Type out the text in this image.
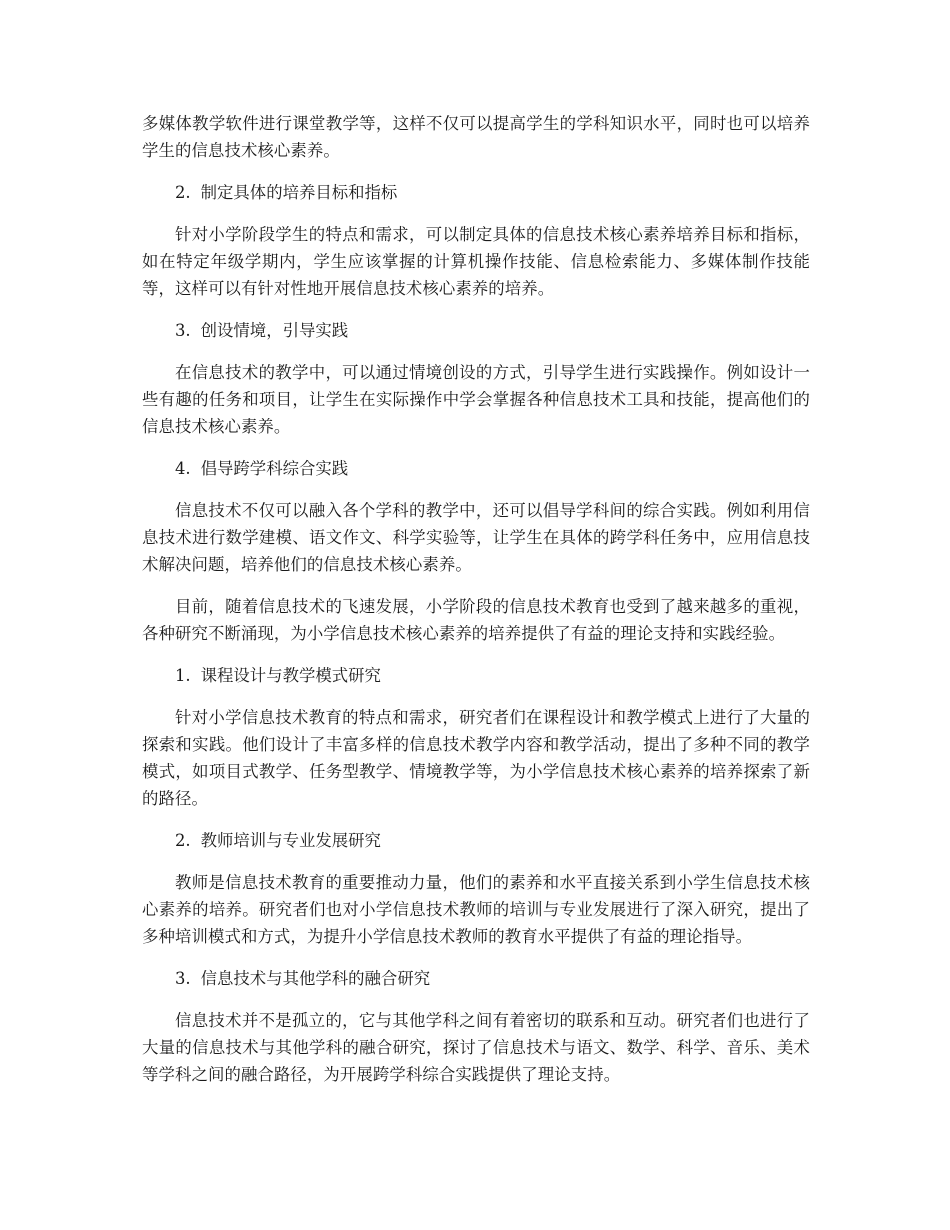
多媒体教学软件进行课堂教学等，这样不仅可以提高学生的学科知识水平，同时也可以培养学生的信息技术核心素养。

2. 制定具体的培养目标和指标

针对小学阶段学生的特点和需求，可以制定具体的信息技术核心素养培养目标和指标，如在特定年级学期内，学生应该掌握的计算机操作技能、信息检索能力、多媒体制作技能等，这样可以有针对性地开展信息技术核心素养的培养。

3. 创设情境，引导实践

在信息技术的教学中，可以通过情境创设的方式，引导学生进行实践操作。例如设计一些有趣的任务和项目，让学生在实际操作中学会掌握各种信息技术工具和技能，提高他们的信息技术核心素养。

4. 倡导跨学科综合实践

信息技术不仅可以融入各个学科的教学中，还可以倡导学科间的综合实践。例如利用信息技术进行数学建模、语文作文、科学实验等，让学生在具体的跨学科任务中，应用信息技术解决问题，培养他们的信息技术核心素养。

目前，随着信息技术的飞速发展，小学阶段的信息技术教育也受到了越来越多的重视，各种研究不断涌现，为小学信息技术核心素养的培养提供了有益的理论支持和实践经验。

1. 课程设计与教学模式研究

针对小学信息技术教育的特点和需求，研究者们在课程设计和教学模式上进行了大量的探索和实践。他们设计了丰富多样的信息技术教学内容和教学活动，提出了多种不同的教学模式，如项目式教学、任务型教学、情境教学等，为小学信息技术核心素养的培养探索了新的路径。

2. 教师培训与专业发展研究

教师是信息技术教育的重要推动力量，他们的素养和水平直接关系到小学生信息技术核心素养的培养。研究者们也对小学信息技术教师的培训与专业发展进行了深入研究，提出了多种培训模式和方式，为提升小学信息技术教师的教育水平提供了有益的理论指导。

3. 信息技术与其他学科的融合研究

信息技术并不是孤立的，它与其他学科之间有着密切的联系和互动。研究者们也进行了大量的信息技术与其他学科的融合研究，探讨了信息技术与语文、数学、科学、音乐、美术等学科之间的融合路径，为开展跨学科综合实践提供了理论支持。
